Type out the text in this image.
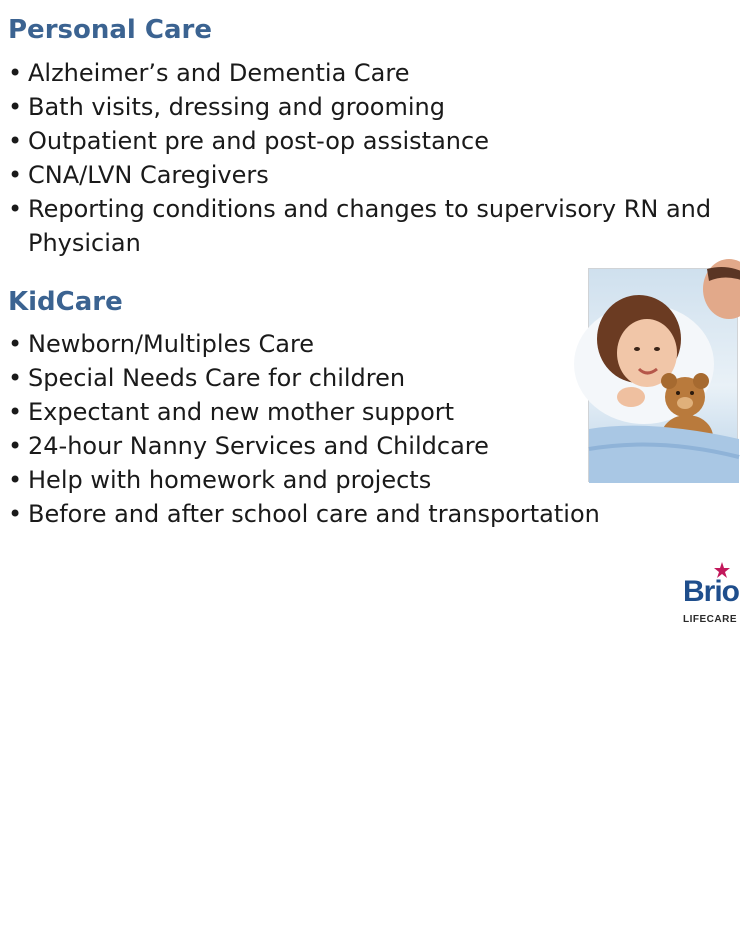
Personal Care
• Alzheimer’s and Dementia Care
• Bath visits, dressing and grooming
• Outpatient pre and post-op assistance
• CNA/LVN Caregivers
• Reporting conditions and changes to supervisory RN and
Physician
KidCare
• Newborn/Multiples Care
• Special Needs Care for children
• Expectant and new mother support
• 24-hour Nanny Services and Childcare
• Help with homework and projects
• Before and after school care and transportation
Brio
LIFECARE
